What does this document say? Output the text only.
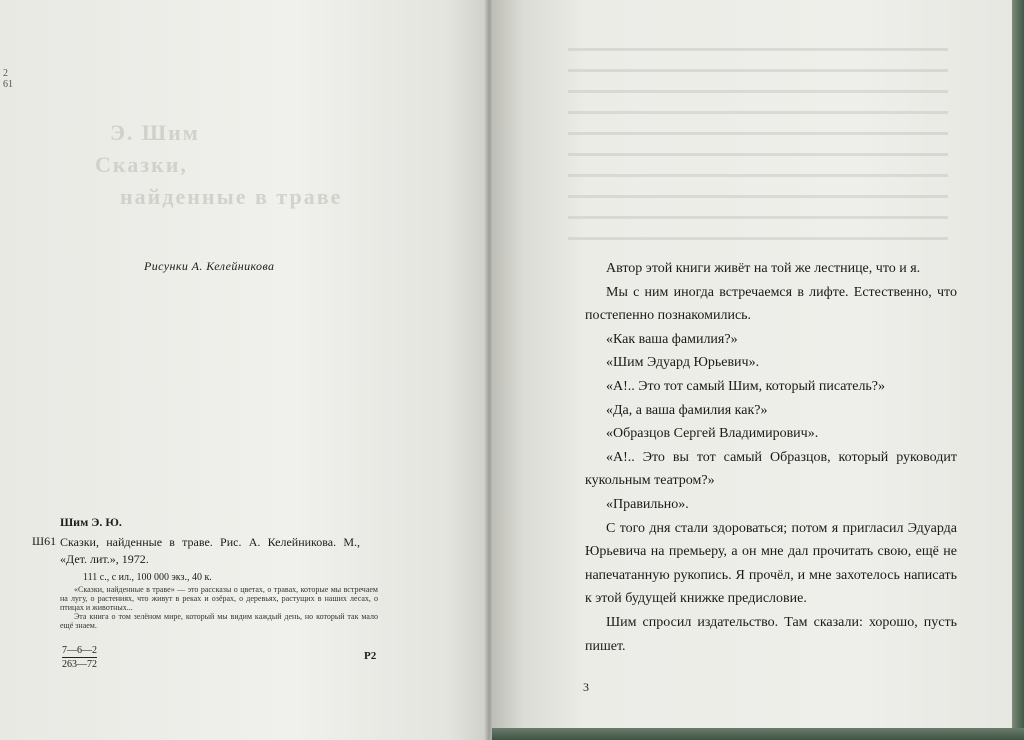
Э. Шим
Сказки,
найденные в траве
2
61
Рисунки А. Келейникова
Шим Э. Ю.
Ш61 Сказки, найденные в траве. Рис. А. Келейникова. М., «Дет. лит.», 1972.
111 с., с ил., 100 000 экз., 40 к.

«Сказки, найденные в траве» — это рассказы о цветах, о травах, которые мы встречаем на лугу, о растениях, что живут в реках и озёрах, о деревьях, растущих в наших лесах, о птицах и животных...

Эта книга о том зелёном мире, который мы видим каждый день, но который так мало ещё знаем.

$\frac{7—6—2}{263—72}$	Р2

Автор этой книги живёт на той же лестнице, что и я.

Мы с ним иногда встречаемся в лифте. Естественно, что постепенно познакомились.

«Как ваша фамилия?»

«Шим Эдуард Юрьевич».

«А!.. Это тот самый Шим, который писатель?»

«Да, а ваша фамилия как?»

«Образцов Сергей Владимирович».

«А!.. Это вы тот самый Образцов, который руководит кукольным театром?»

«Правильно».

С того дня стали здороваться; потом я пригласил Эдуарда Юрьевича на премьеру, а он мне дал прочитать свою, ещё не напечатанную рукопись. Я прочёл, и мне захотелось написать к этой будущей книжке предисловие.

Шим спросил издательство. Там сказали: хорошо, пусть пишет.

3
